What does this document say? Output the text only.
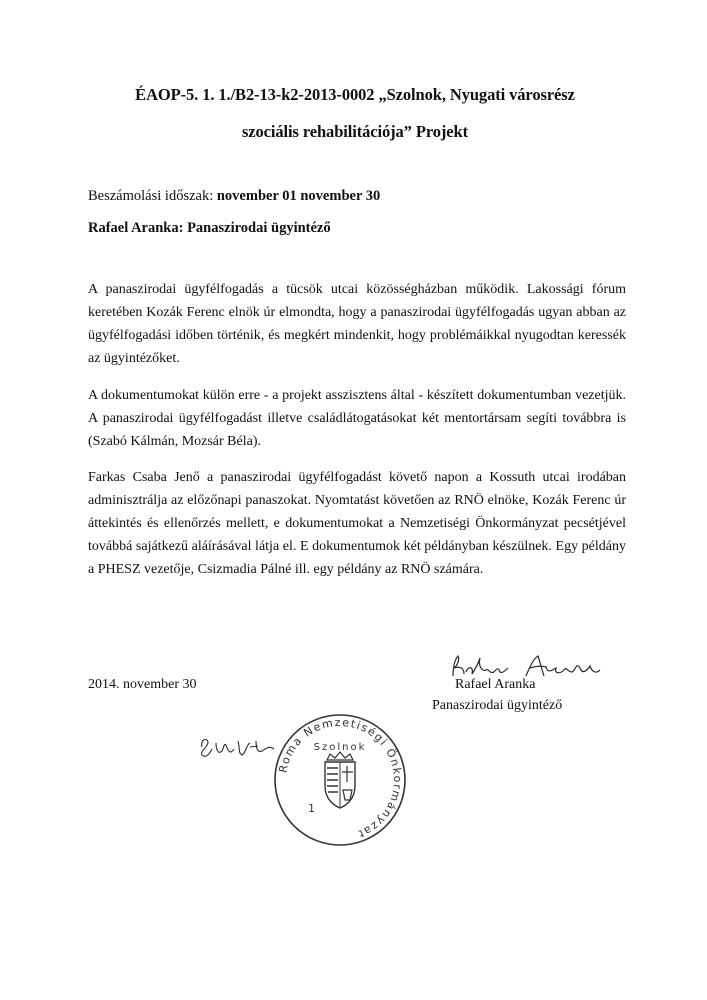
ÉAOP-5. 1. 1./B2-13-k2-2013-0002 „Szolnok, Nyugati városrész
szociális rehabilitációja” Projekt
Beszámolási időszak: november 01 november 30
Rafael Aranka: Panaszirodai ügyintéző

A panaszirodai ügyfélfogadás a tücsök utcai közösségházban működik. Lakossági fórum keretében Kozák Ferenc elnök úr elmondta, hogy a panaszirodai ügyfélfogadás ugyan abban az ügyfélfogadási időben történik, és megkért mindenkit, hogy problémáikkal nyugodtan keressék az ügyintézőket.

A dokumentumokat külön erre - a projekt asszisztens által - készített dokumentumban vezetjük. A panaszirodai ügyfélfogadást illetve családlátogatásokat két mentortársam segíti továbbra is (Szabó Kálmán, Mozsár Béla).

Farkas Csaba Jenő a panaszirodai ügyfélfogadást követő napon a Kossuth utcai irodában adminisztrálja az előzőnapi panaszokat. Nyomtatást követően az RNÖ elnöke, Kozák Ferenc úr áttekintés és ellenőrzés mellett, e dokumentumokat a Nemzetiségi Önkormányzat pecsétjével továbbá sajátkezű aláírásával látja el. E dokumentumok két példányban készülnek. Egy példány a PHESZ vezetője, Csizmadia Pálné ill. egy példány az RNÖ számára.

2014. november 30	Rafael Aranka
Panaszirodai ügyintéző
Roma Nemzetiségi Önkormányzat
Szolnok
1
